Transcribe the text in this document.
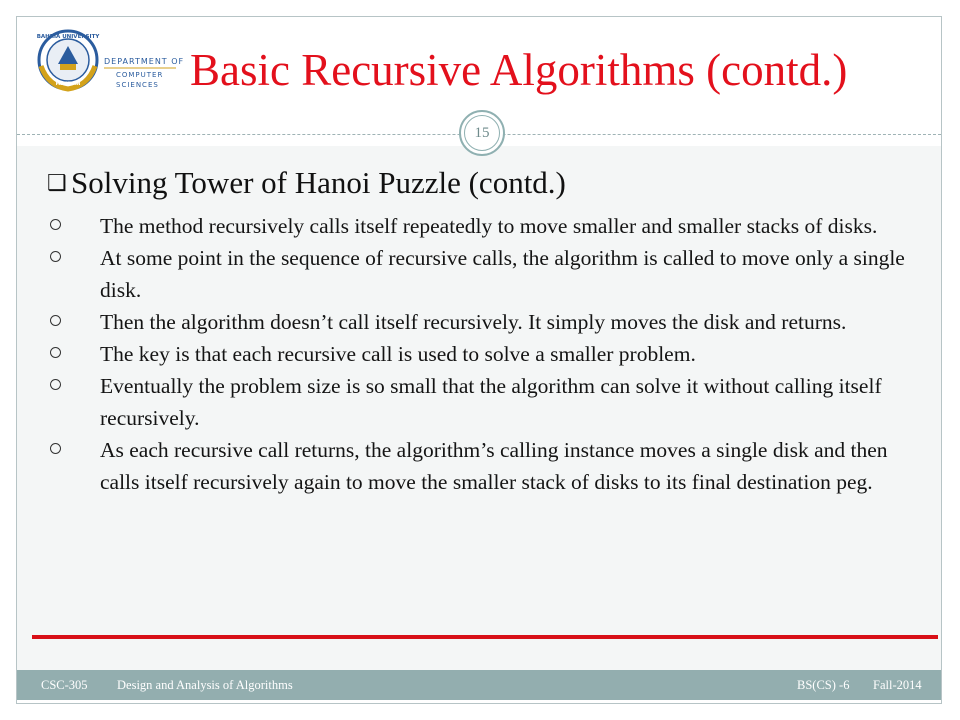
BAHRIA UNIVERSITY
PAKISTAN
DEPARTMENT OF
COMPUTER
SCIENCES Basic Recursive Algorithms (contd.)
15
❑ Solving Tower of Hanoi Puzzle (contd.)
The method recursively calls itself repeatedly to move smaller and smaller stacks of disks.
At some point in the sequence of recursive calls, the algorithm is called to move only a single disk.
Then the algorithm doesn’t call itself recursively. It simply moves the disk and returns.
The key is that each recursive call is used to solve a smaller problem.
Eventually the problem size is so small that the algorithm can solve it without calling itself recursively.
As each recursive call returns, the algorithm’s calling instance moves a single disk and then calls itself recursively again to move the smaller stack of disks to its final destination peg.
CSC-305 Design and Analysis of Algorithms	BS(CS) -6 Fall-2014
